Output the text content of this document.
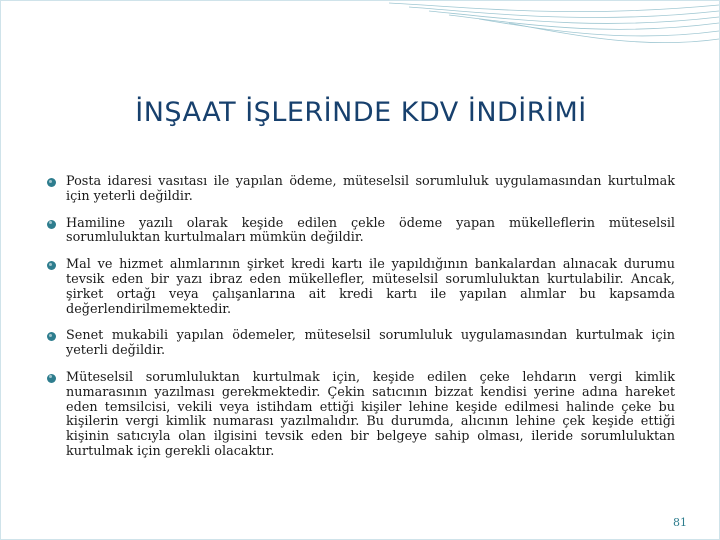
İNŞAAT İŞLERİNDE KDV İNDİRİMİ
Posta idaresi vasıtası ile yapılan ödeme, müteselsil sorumluluk uygulamasından kurtulmak için yeterli değildir.
Hamiline yazılı olarak keşide edilen çekle ödeme yapan mükelleflerin müteselsil sorumluluktan kurtulmaları mümkün değildir.
Mal ve hizmet alımlarının şirket kredi kartı ile yapıldığının bankalardan alınacak durumu tevsik eden bir yazı ibraz eden mükellefler, müteselsil sorumluluktan kurtulabilir. Ancak, şirket ortağı veya çalışanlarına ait kredi kartı ile yapılan alımlar bu kapsamda değerlendirilmemektedir.
Senet mukabili yapılan ödemeler, müteselsil sorumluluk uygulamasından kurtulmak için yeterli değildir.
Müteselsil sorumluluktan kurtulmak için, keşide edilen çeke lehdarın vergi kimlik numarasının yazılması gerekmektedir. Çekin satıcının bizzat kendisi yerine adına hareket eden temsilcisi, vekili veya istihdam ettiği kişiler lehine keşide edilmesi halinde çeke bu kişilerin vergi kimlik numarası yazılmalıdır. Bu durumda, alıcının lehine çek keşide ettiği kişinin satıcıyla olan ilgisini tevsik eden bir belgeye sahip olması, ileride sorumluluktan kurtulmak için gerekli olacaktır.
81
